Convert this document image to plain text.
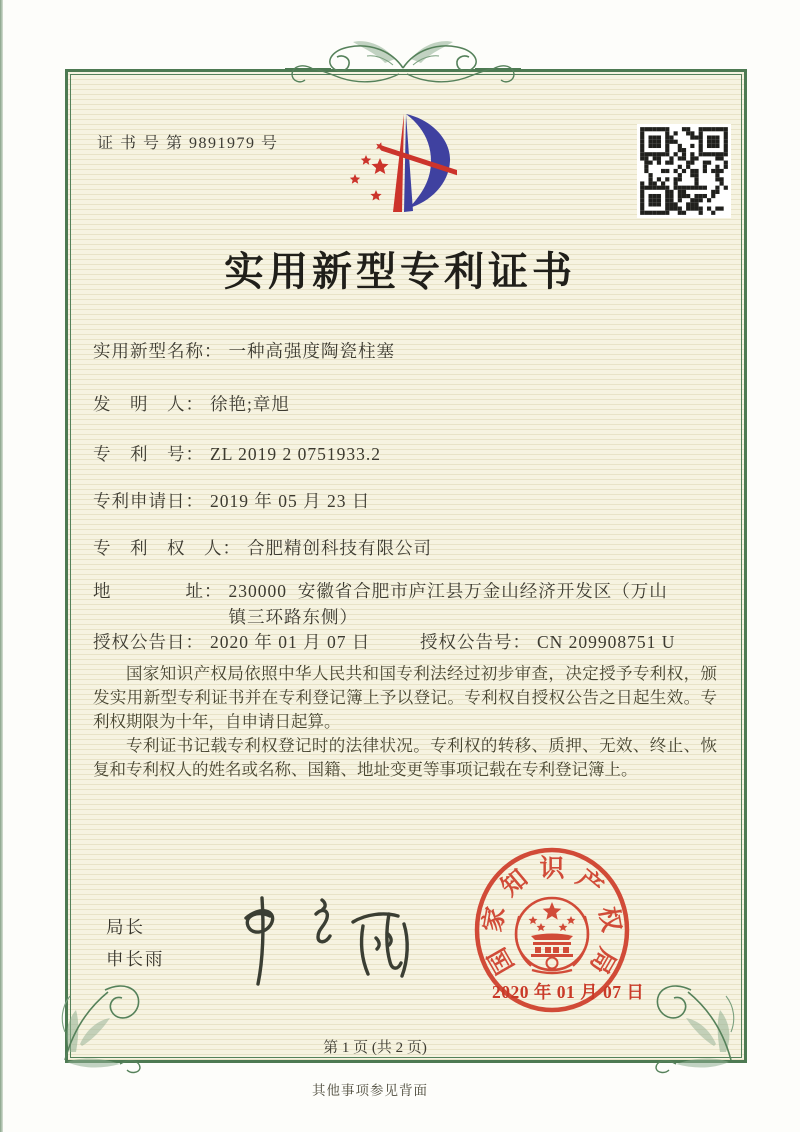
证 书 号 第 9891979 号
实用新型专利证书
实用新型名称： 一种高强度陶瓷柱塞
发　明　人： 徐艳;章旭
专　利　号： ZL 2019 2 0751933.2
专利申请日： 2019 年 05 月 23 日
专　利　权　人： 合肥精创科技有限公司
地　　　　址： 230000  安徽省合肥市庐江县万金山经济开发区（万山镇三环路东侧）
授权公告日： 2020 年 01 月 07 日	授权公告号： CN 209908751 U

国家知识产权局依照中华人民共和国专利法经过初步审查，决定授予专利权，颁发实用新型专利证书并在专利登记簿上予以登记。专利权自授权公告之日起生效。专利权期限为十年，自申请日起算。

专利证书记载专利权登记时的法律状况。专利权的转移、质押、无效、终止、恢复和专利权人的姓名或名称、国籍、地址变更等事项记载在专利登记簿上。

局长
申长雨	国
家
知 识 产
权
局
2020 年 01 月 07 日
第 1 页 (共 2 页)
其他事项参见背面
